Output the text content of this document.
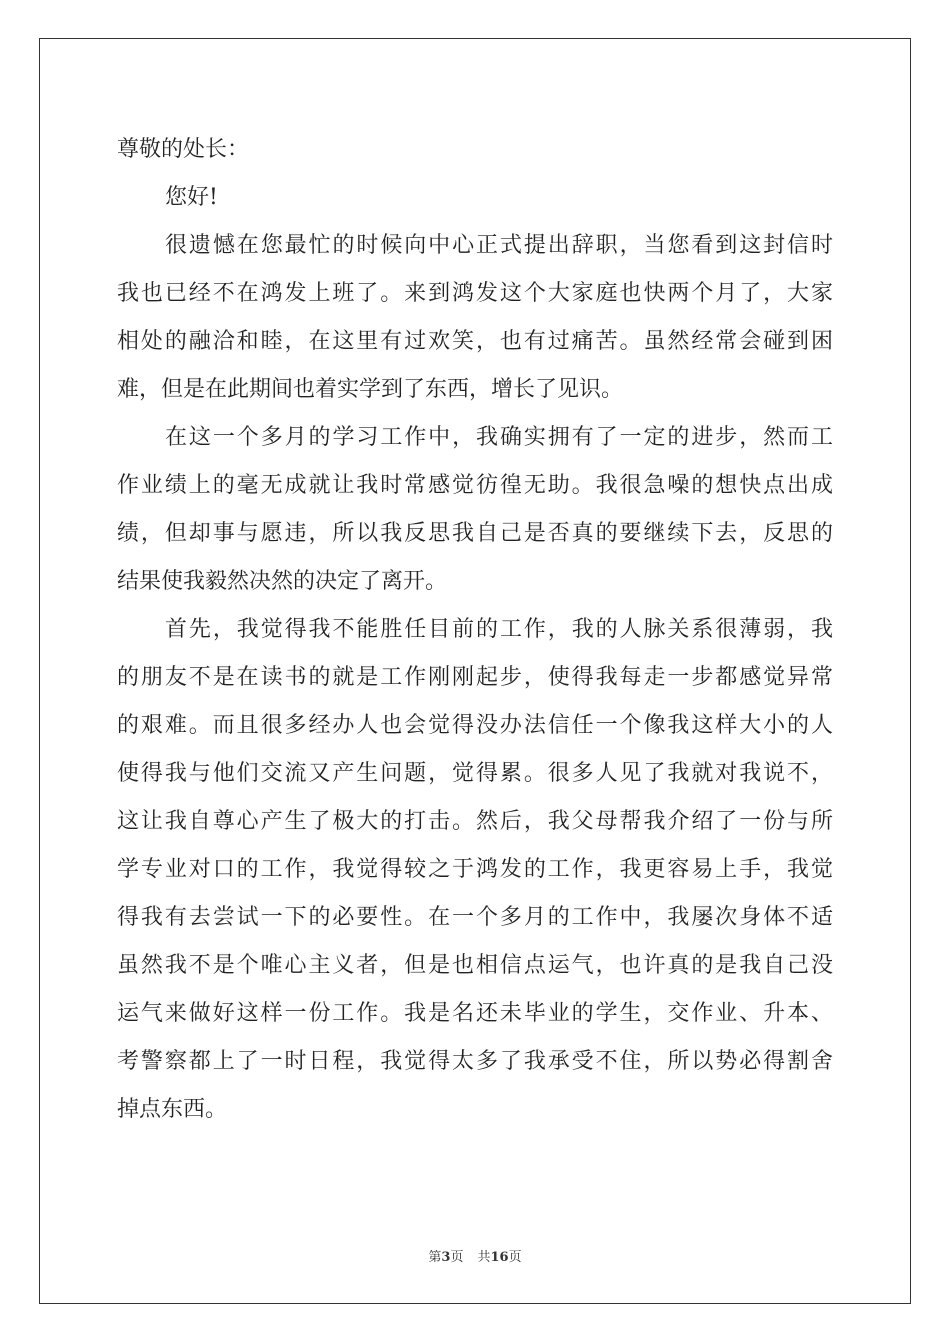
尊敬的处长：
您好!
很遗憾在您最忙的时候向中心正式提出辞职，当您看到这封信时
我也已经不在鸿发上班了。来到鸿发这个大家庭也快两个月了，大家
相处的融洽和睦，在这里有过欢笑，也有过痛苦。虽然经常会碰到困
难，但是在此期间也着实学到了东西，增长了见识。
在这一个多月的学习工作中，我确实拥有了一定的进步，然而工
作业绩上的毫无成就让我时常感觉彷徨无助。我很急噪的想快点出成
绩，但却事与愿违，所以我反思我自己是否真的要继续下去，反思的
结果使我毅然决然的决定了离开。
首先，我觉得我不能胜任目前的工作，我的人脉关系很薄弱，我
的朋友不是在读书的就是工作刚刚起步，使得我每走一步都感觉异常
的艰难。而且很多经办人也会觉得没办法信任一个像我这样大小的人
使得我与他们交流又产生问题，觉得累。很多人见了我就对我说不，
这让我自尊心产生了极大的打击。然后，我父母帮我介绍了一份与所
学专业对口的工作，我觉得较之于鸿发的工作，我更容易上手，我觉
得我有去尝试一下的必要性。在一个多月的工作中，我屡次身体不适
虽然我不是个唯心主义者，但是也相信点运气，也许真的是我自己没
运气来做好这样一份工作。我是名还未毕业的学生，交作业、升本、
考警察都上了一时日程，我觉得太多了我承受不住，所以势必得割舍
掉点东西。
第3页 共16页
